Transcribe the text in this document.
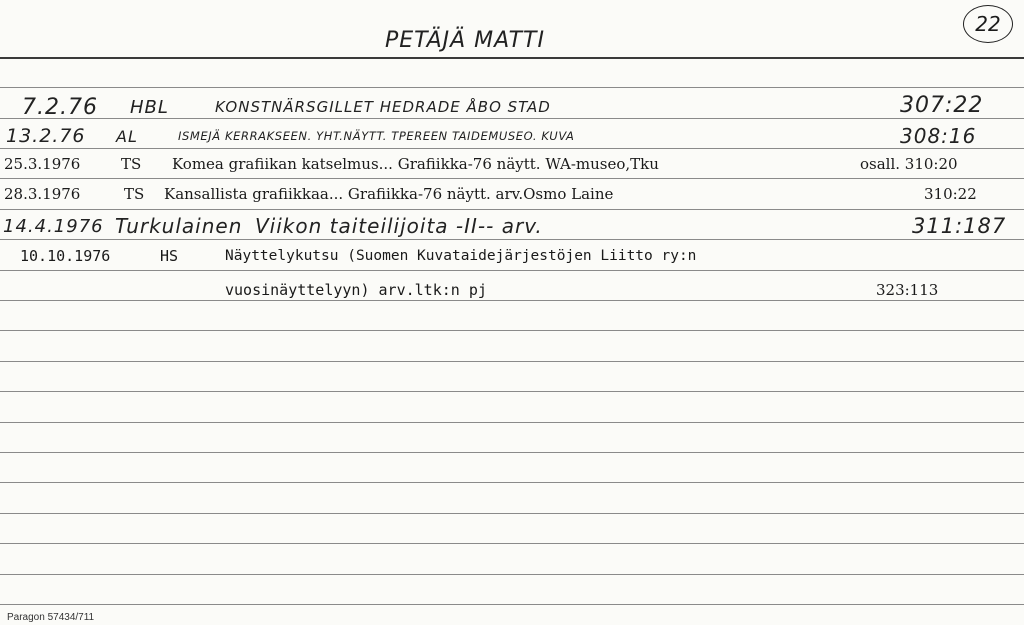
PETÄJÄ MATTI
22
7.2.76 HBL	KONSTNÄRSGILLET HEDRADE ÅBO STAD	307:22
13.2.76 AL	ISMEJÄ KERRAKSEEN. YHT.NÄYTT. TPEREEN TAIDEMUSEO. KUVA	308:16
25.3.1976	TS Komea grafiikan katselmus... Grafiikka-76 näytt. WA-museo,Tku	osall. 310:20
28.3.1976	TS Kansallista grafiikkaa... Grafiikka-76 näytt. arv.Osmo Laine	310:22
14.4.1976 Turkulainen Viikon taiteilijoita -II-- arv.	311:187
10.10.1976	HS	Näyttelykutsu (Suomen Kuvataidejärjestöjen Liitto ry:n
vuosinäyttelyyn) arv.ltk:n pj	323:113
Paragon 57434/711
